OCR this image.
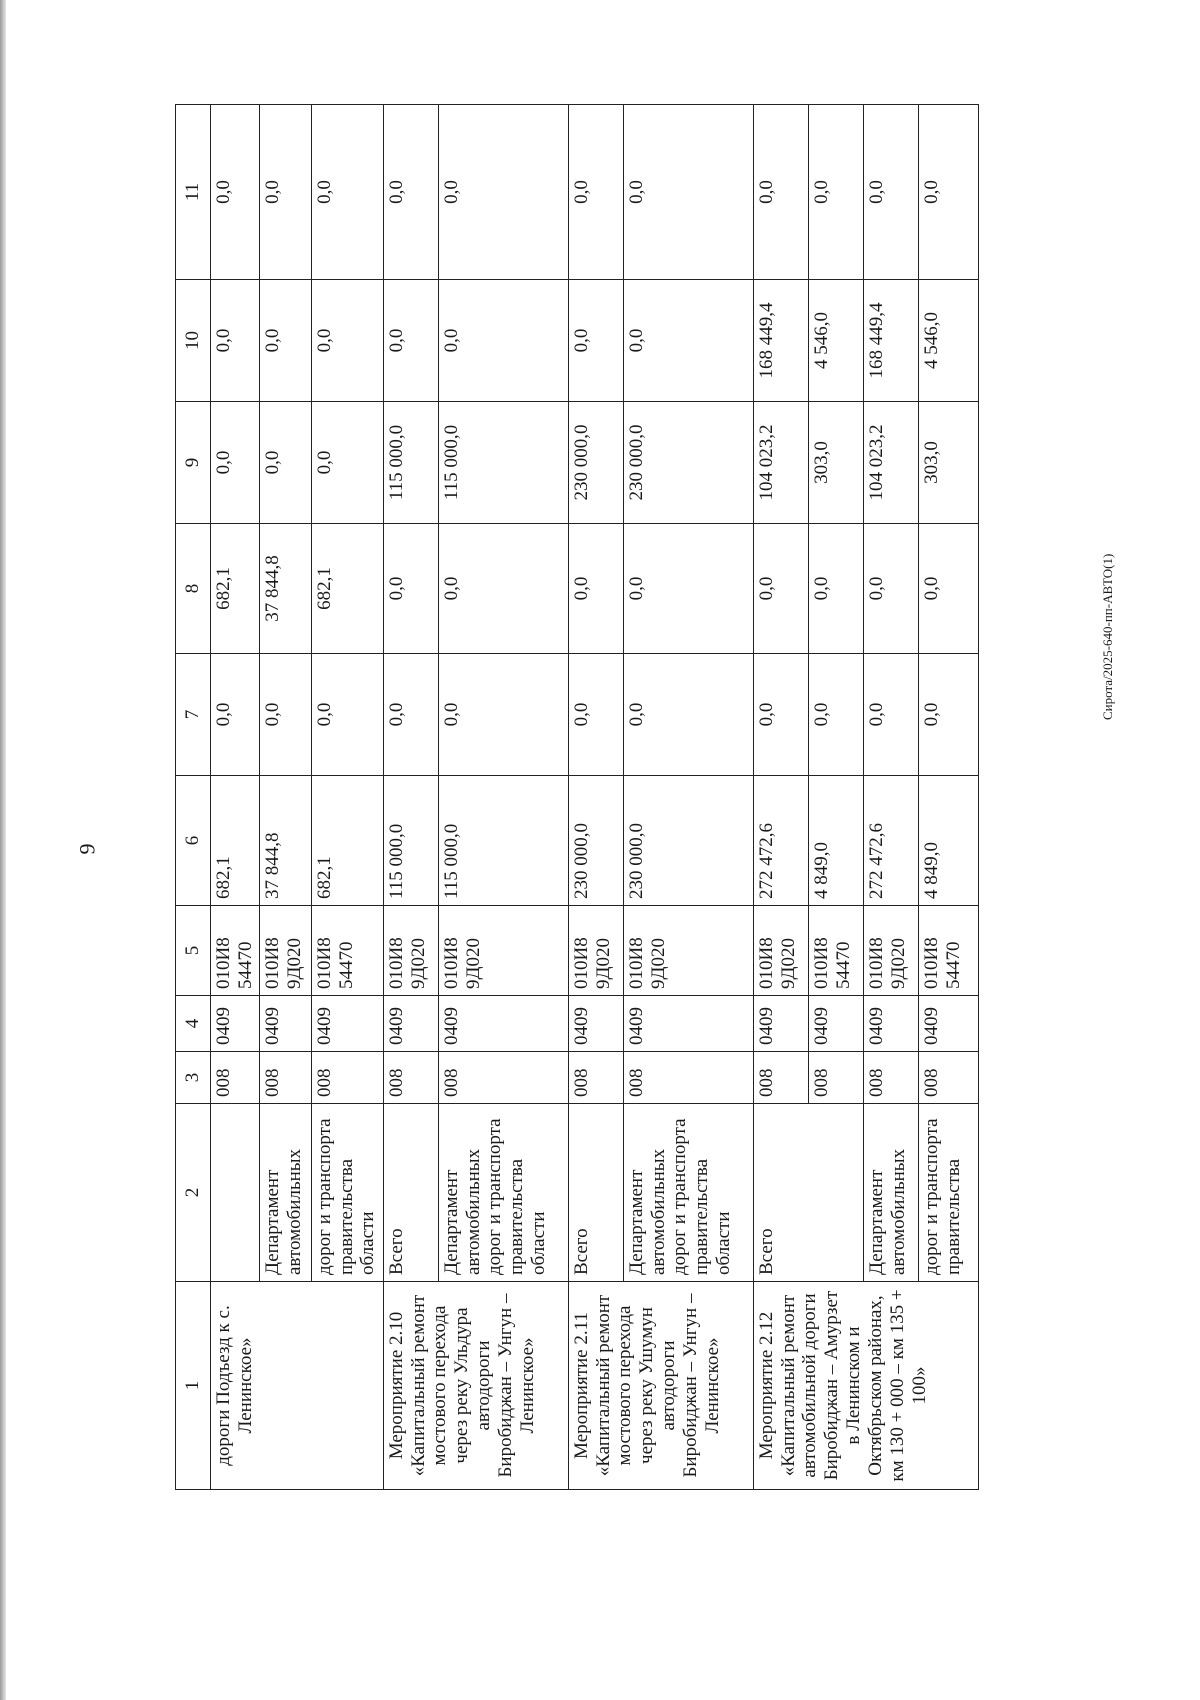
9
Сирота/2025-640-пп-АВТО(1)
1	2	3	4	5	6	7	8	9	10	11
дороги Подъезд к с. Ленинское»		008	0409	010И8 54470	682,1	0,0	682,1	0,0	0,0	0,0
	Департамент автомобильных	008	0409	010И8 9Д020	37 844,8	0,0	37 844,8	0,0	0,0	0,0
	дорог и транспорта правительства области	008	0409	010И8 54470	682,1	0,0	682,1	0,0	0,0	0,0
Мероприятие 2.10 «Капитальный ремонт мостового перехода через реку Ульдура автодороги Биробиджан – Унгун – Ленинское»	Всего	008	0409	010И8 9Д020	115 000,0	0,0	0,0	115 000,0	0,0	0,0
	Департамент автомобильных дорог и транспорта правительства области	008	0409	010И8 9Д020	115 000,0	0,0	0,0	115 000,0	0,0	0,0
Мероприятие 2.11 «Капитальный ремонт мостового перехода через реку Ушумун автодороги Биробиджан – Унгун – Ленинское»	Всего	008	0409	010И8 9Д020	230 000,0	0,0	0,0	230 000,0	0,0	0,0
	Департамент автомобильных дорог и транспорта правительства области	008	0409	010И8 9Д020	230 000,0	0,0	0,0	230 000,0	0,0	0,0
Мероприятие 2.12 «Капитальный ремонт автомобильной дороги Биробиджан – Амурзет в Ленинском и Октябрьском районах, км 130 + 000 – км 135 + 100»	Всего	008	0409	010И8 9Д020	272 472,6	0,0	0,0	104 023,2	168 449,4	0,0
		008	0409	010И8 54470	4 849,0	0,0	0,0	303,0	4 546,0	0,0
	Департамент автомобильных	008	0409	010И8 9Д020	272 472,6	0,0	0,0	104 023,2	168 449,4	0,0
	дорог и транспорта правительства	008	0409	010И8 54470	4 849,0	0,0	0,0	303,0	4 546,0	0,0
